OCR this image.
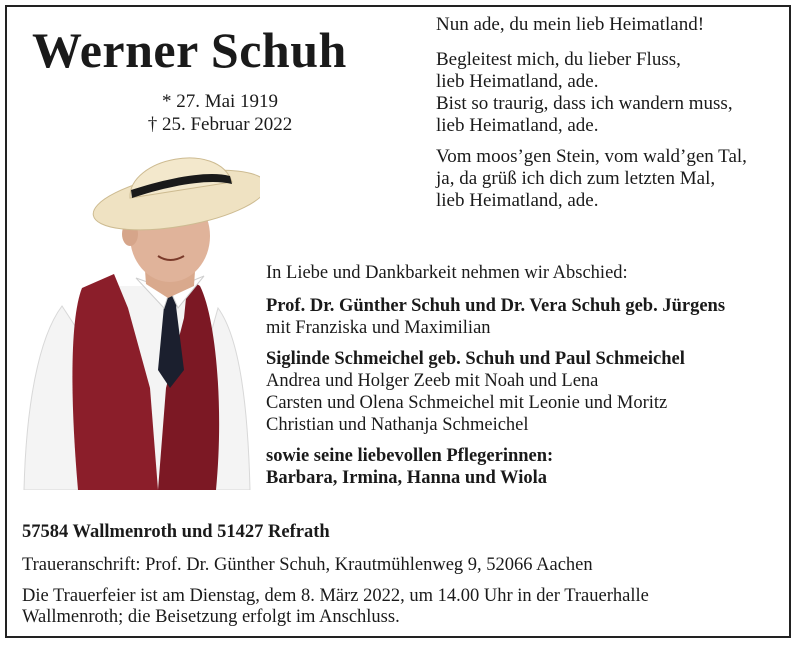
Werner Schuh
* 27. Mai 1919
† 25. Februar 2022

Nun ade, du mein lieb Heimatland!

Begleitest mich, du lieber Fluss,
lieb Heimatland, ade.
Bist so traurig, dass ich wandern muss,
lieb Heimatland, ade.

Vom moos’gen Stein, vom wald’gen Tal,
ja, da grüß ich dich zum letzten Mal,
lieb Heimatland, ade.

In Liebe und Dankbarkeit nehmen wir Abschied:
Prof. Dr. Günther Schuh und Dr. Vera Schuh geb. Jürgens
mit Franziska und Maximilian
Siglinde Schmeichel geb. Schuh und Paul Schmeichel
Andrea und Holger Zeeb mit Noah und Lena
Carsten und Olena Schmeichel mit Leonie und Moritz
Christian und Nathanja Schmeichel
sowie seine liebevollen Pflegerinnen:
Barbara, Irmina, Hanna und Wiola
57584 Wallmenroth und 51427 Refrath
Traueranschrift: Prof. Dr. Günther Schuh, Krautmühlenweg 9, 52066 Aachen
Die Trauerfeier ist am Dienstag, dem 8. März 2022, um 14.00 Uhr in der Trauerhalle
Wallmenroth; die Beisetzung erfolgt im Anschluss.
